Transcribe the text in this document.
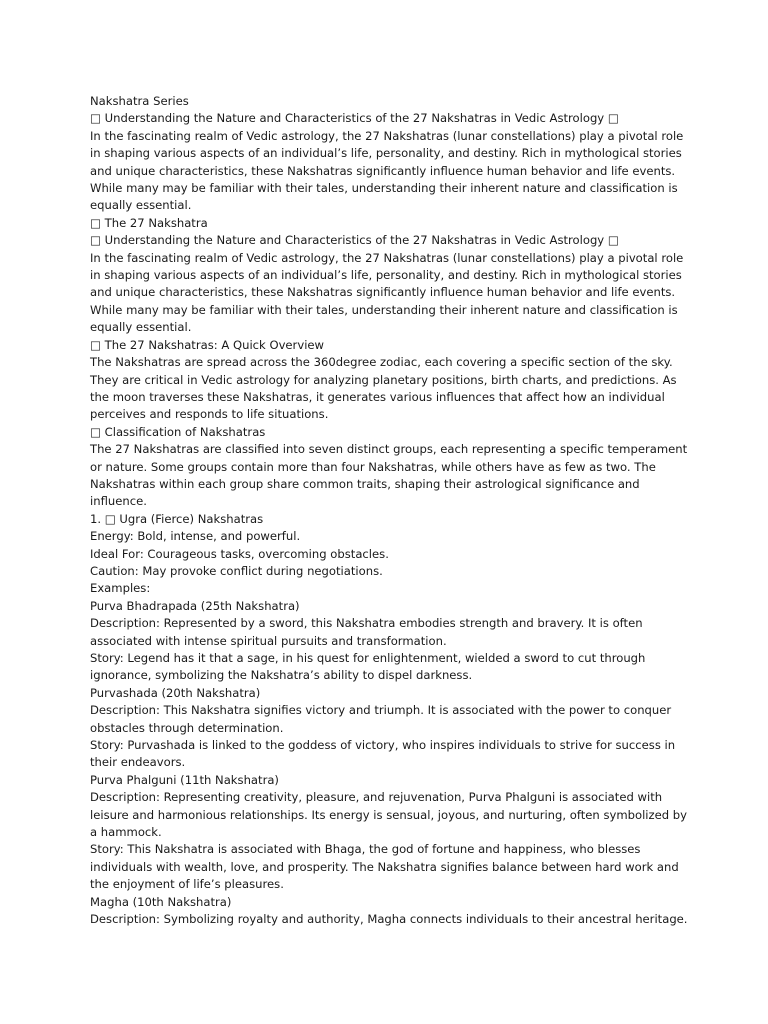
Nakshatra Series

□ Understanding the Nature and Characteristics of the 27 Nakshatras in Vedic Astrology □

In the fascinating realm of Vedic astrology, the 27 Nakshatras (lunar constellations) play a pivotal role in shaping various aspects of an individual’s life, personality, and destiny. Rich in mythological stories and unique characteristics, these Nakshatras significantly influence human behavior and life events. While many may be familiar with their tales, understanding their inherent nature and classification is equally essential.

□ The 27 Nakshatra

□ Understanding the Nature and Characteristics of the 27 Nakshatras in Vedic Astrology □

In the fascinating realm of Vedic astrology, the 27 Nakshatras (lunar constellations) play a pivotal role in shaping various aspects of an individual’s life, personality, and destiny. Rich in mythological stories and unique characteristics, these Nakshatras significantly influence human behavior and life events. While many may be familiar with their tales, understanding their inherent nature and classification is equally essential.

□ The 27 Nakshatras: A Quick Overview

The Nakshatras are spread across the 360degree zodiac, each covering a specific section of the sky. They are critical in Vedic astrology for analyzing planetary positions, birth charts, and predictions. As the moon traverses these Nakshatras, it generates various influences that affect how an individual perceives and responds to life situations.

□ Classification of Nakshatras

The 27 Nakshatras are classified into seven distinct groups, each representing a specific temperament or nature. Some groups contain more than four Nakshatras, while others have as few as two. The Nakshatras within each group share common traits, shaping their astrological significance and influence.

1. □ Ugra (Fierce) Nakshatras

Energy: Bold, intense, and powerful.

Ideal For: Courageous tasks, overcoming obstacles.

Caution: May provoke conflict during negotiations.

Examples:

Purva Bhadrapada (25th Nakshatra)

Description: Represented by a sword, this Nakshatra embodies strength and bravery. It is often associated with intense spiritual pursuits and transformation.

Story: Legend has it that a sage, in his quest for enlightenment, wielded a sword to cut through ignorance, symbolizing the Nakshatra’s ability to dispel darkness.

Purvashada (20th Nakshatra)

Description: This Nakshatra signifies victory and triumph. It is associated with the power to conquer obstacles through determination.

Story: Purvashada is linked to the goddess of victory, who inspires individuals to strive for success in their endeavors.

Purva Phalguni (11th Nakshatra)

Description: Representing creativity, pleasure, and rejuvenation, Purva Phalguni is associated with leisure and harmonious relationships. Its energy is sensual, joyous, and nurturing, often symbolized by a hammock.

Story: This Nakshatra is associated with Bhaga, the god of fortune and happiness, who blesses individuals with wealth, love, and prosperity. The Nakshatra signifies balance between hard work and the enjoyment of life’s pleasures.

Magha (10th Nakshatra)

Description: Symbolizing royalty and authority, Magha connects individuals to their ancestral heritage.
